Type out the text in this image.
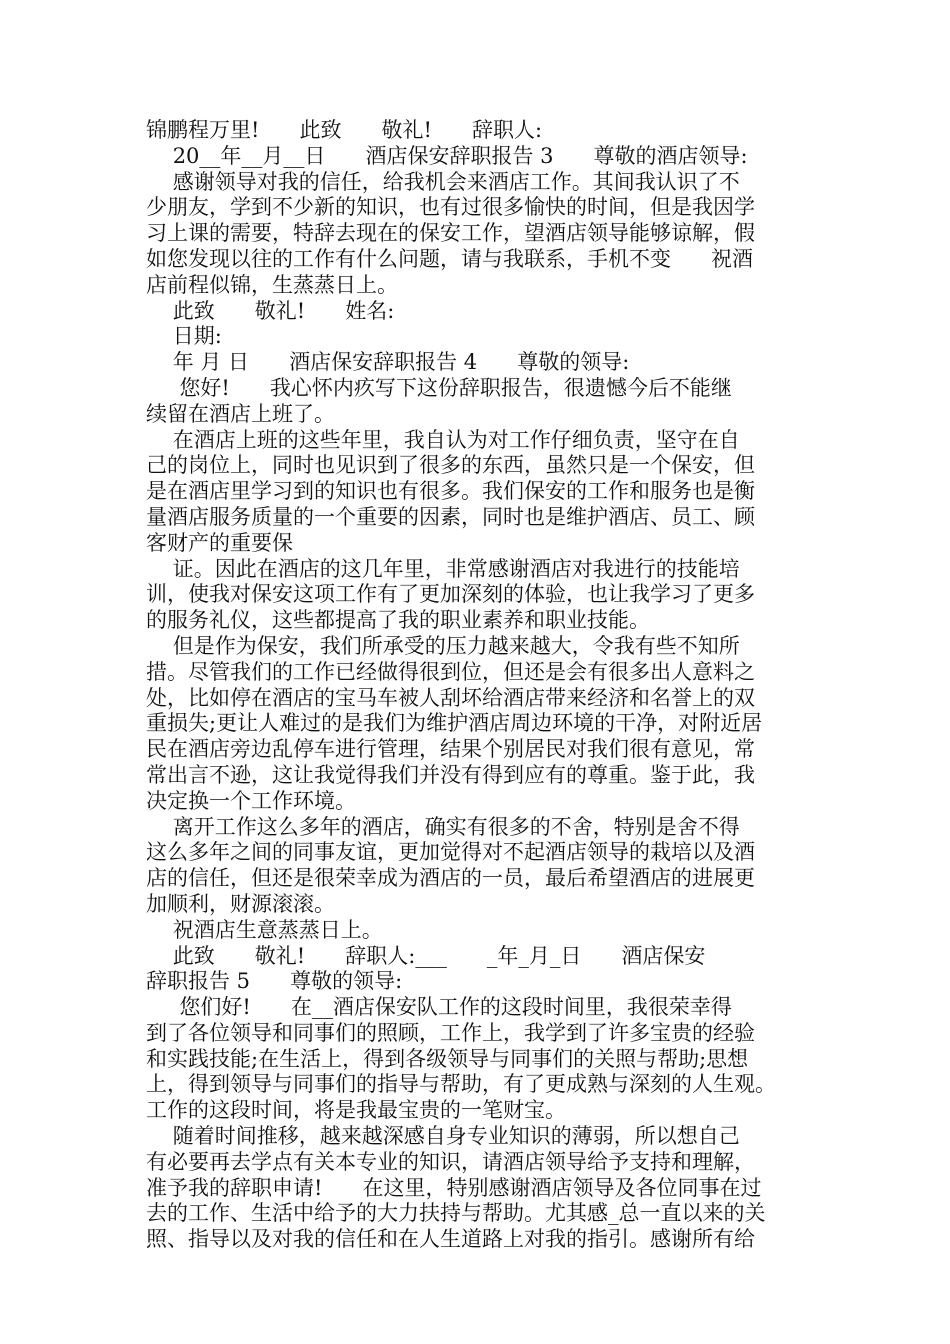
锦鹏程万里!      此致      敬礼!      辞职人:
20__年__月__日      酒店保安辞职报告 3      尊敬的酒店领导:
感谢领导对我的信任，给我机会来酒店工作。其间我认识了不
少朋友，学到不少新的知识，也有过很多愉快的时间，但是我因学
习上课的需要，特辞去现在的保安工作，望酒店领导能够谅解，假
如您发现以往的工作有什么问题，请与我联系，手机不变      祝酒
店前程似锦，生蒸蒸日上。
此致      敬礼!      姓名:
日期:
年 月 日      酒店保安辞职报告 4      尊敬的领导:
您好!      我心怀内疚写下这份辞职报告，很遗憾今后不能继
续留在酒店上班了。
在酒店上班的这些年里，我自认为对工作仔细负责，坚守在自
己的岗位上，同时也见识到了很多的东西，虽然只是一个保安，但
是在酒店里学习到的知识也有很多。我们保安的工作和服务也是衡
量酒店服务质量的一个重要的因素，同时也是维护酒店、员工、顾
客财产的重要保
证。因此在酒店的这几年里，非常感谢酒店对我进行的技能培
训，使我对保安这项工作有了更加深刻的体验，也让我学习了更多
的服务礼仪，这些都提高了我的职业素养和职业技能。
但是作为保安，我们所承受的压力越来越大，令我有些不知所
措。尽管我们的工作已经做得很到位，但还是会有很多出人意料之
处，比如停在酒店的宝马车被人刮坏给酒店带来经济和名誉上的双
重损失;更让人难过的是我们为维护酒店周边环境的干净，对附近居
民在酒店旁边乱停车进行管理，结果个别居民对我们很有意见，常
常出言不逊，这让我觉得我们并没有得到应有的尊重。鉴于此，我
决定换一个工作环境。
离开工作这么多年的酒店，确实有很多的不舍，特别是舍不得
这么多年之间的同事友谊，更加觉得对不起酒店领导的栽培以及酒
店的信任，但还是很荣幸成为酒店的一员，最后希望酒店的进展更
加顺利，财源滚滚。
祝酒店生意蒸蒸日上。
此致      敬礼!      辞职人:___      _年_月_日      酒店保安
辞职报告 5      尊敬的领导:
您们好!      在__酒店保安队工作的这段时间里，我很荣幸得
到了各位领导和同事们的照顾，工作上，我学到了许多宝贵的经验
和实践技能;在生活上，得到各级领导与同事们的关照与帮助;思想
上，得到领导与同事们的指导与帮助，有了更成熟与深刻的人生观。
工作的这段时间，将是我最宝贵的一笔财宝。
随着时间推移，越来越深感自身专业知识的薄弱，所以想自己
有必要再去学点有关本专业的知识，请酒店领导给予支持和理解，
准予我的辞职申请!      在这里，特别感谢酒店领导及各位同事在过
去的工作、生活中给予的大力扶持与帮助。尤其感_总一直以来的关
照、指导以及对我的信任和在人生道路上对我的指引。感谢所有给
